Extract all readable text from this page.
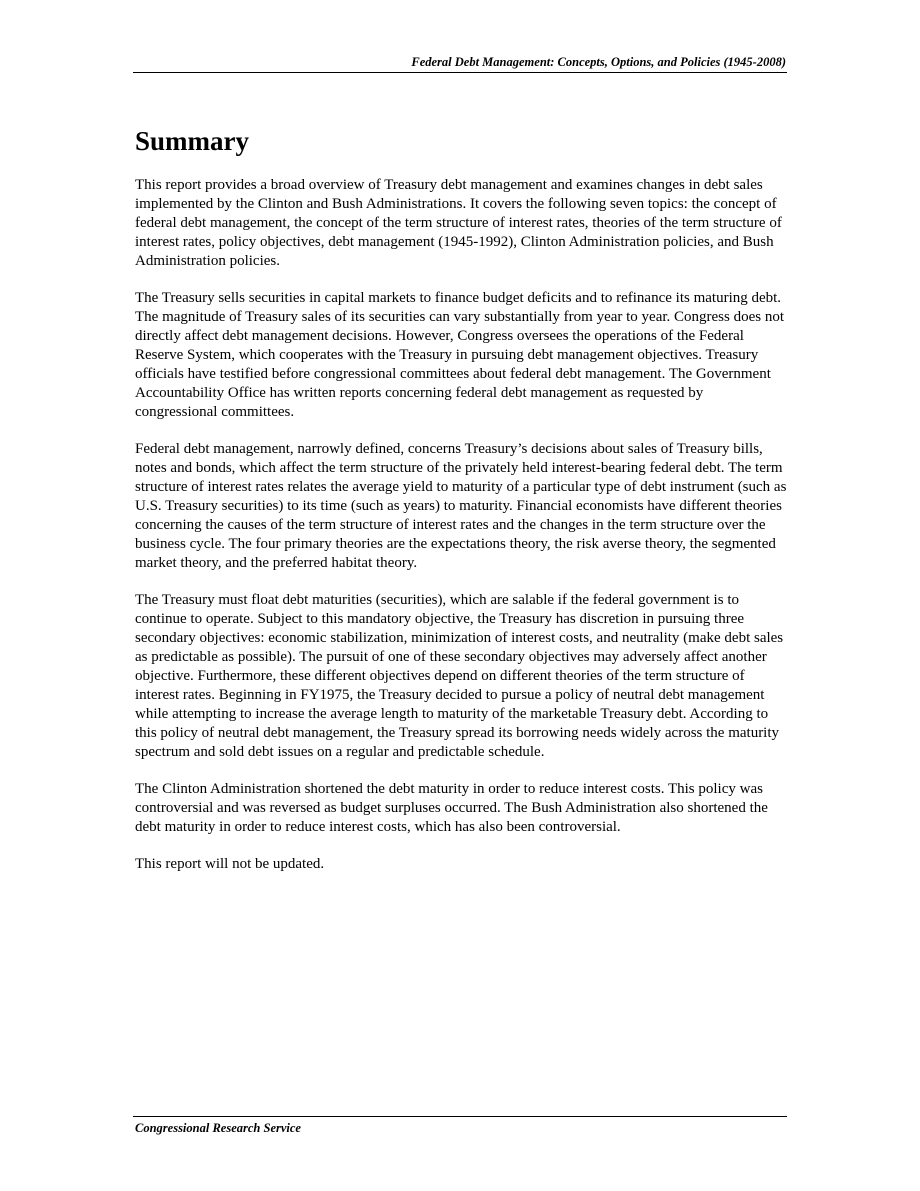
Federal Debt Management: Concepts, Options, and Policies (1945-2008)
Summary

This report provides a broad overview of Treasury debt management and examines changes in debt sales implemented by the Clinton and Bush Administrations. It covers the following seven topics: the concept of federal debt management, the concept of the term structure of interest rates, theories of the term structure of interest rates, policy objectives, debt management (1945-1992), Clinton Administration policies, and Bush Administration policies.

The Treasury sells securities in capital markets to finance budget deficits and to refinance its maturing debt. The magnitude of Treasury sales of its securities can vary substantially from year to year. Congress does not directly affect debt management decisions. However, Congress oversees the operations of the Federal Reserve System, which cooperates with the Treasury in pursuing debt management objectives. Treasury officials have testified before congressional committees about federal debt management. The Government Accountability Office has written reports concerning federal debt management as requested by congressional committees.

Federal debt management, narrowly defined, concerns Treasury’s decisions about sales of Treasury bills, notes and bonds, which affect the term structure of the privately held interest-bearing federal debt. The term structure of interest rates relates the average yield to maturity of a particular type of debt instrument (such as U.S. Treasury securities) to its time (such as years) to maturity. Financial economists have different theories concerning the causes of the term structure of interest rates and the changes in the term structure over the business cycle. The four primary theories are the expectations theory, the risk averse theory, the segmented market theory, and the preferred habitat theory.

The Treasury must float debt maturities (securities), which are salable if the federal government is to continue to operate. Subject to this mandatory objective, the Treasury has discretion in pursuing three secondary objectives: economic stabilization, minimization of interest costs, and neutrality (make debt sales as predictable as possible). The pursuit of one of these secondary objectives may adversely affect another objective. Furthermore, these different objectives depend on different theories of the term structure of interest rates. Beginning in FY1975, the Treasury decided to pursue a policy of neutral debt management while attempting to increase the average length to maturity of the marketable Treasury debt. According to this policy of neutral debt management, the Treasury spread its borrowing needs widely across the maturity spectrum and sold debt issues on a regular and predictable schedule.

The Clinton Administration shortened the debt maturity in order to reduce interest costs. This policy was controversial and was reversed as budget surpluses occurred. The Bush Administration also shortened the debt maturity in order to reduce interest costs, which has also been controversial.

This report will not be updated.

Congressional Research Service
